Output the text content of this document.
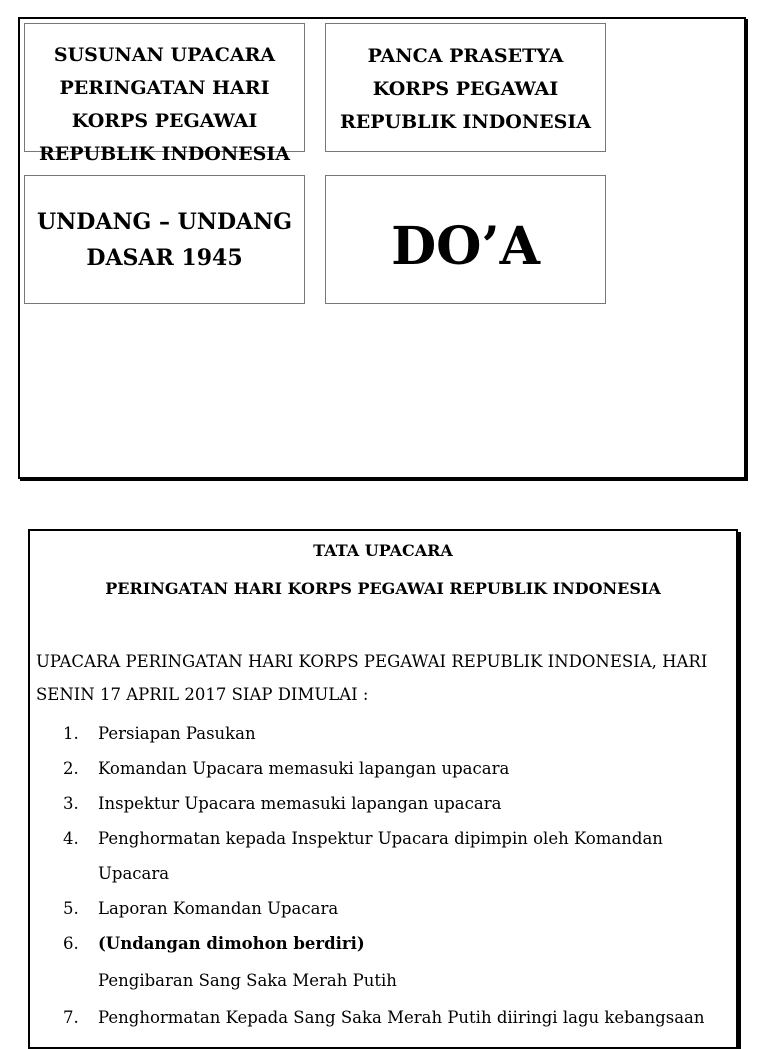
SUSUNAN UPACARA
PERINGATAN HARI
KORPS PEGAWAI
REPUBLIK INDONESIA
PANCA PRASETYA
KORPS PEGAWAI
REPUBLIK INDONESIA
UNDANG – UNDANG
DASAR 1945	DO’A
TATA UPACARA
PERINGATAN HARI KORPS PEGAWAI REPUBLIK INDONESIA
UPACARA PERINGATAN HARI KORPS PEGAWAI REPUBLIK INDONESIA, HARI SENIN 17 APRIL 2017 SIAP DIMULAI :
1. Persiapan Pasukan
2. Komandan Upacara memasuki lapangan upacara
3. Inspektur Upacara memasuki lapangan upacara
4. Penghormatan kepada Inspektur Upacara dipimpin oleh Komandan Upacara
5. Laporan Komandan Upacara
6. (Undangan dimohon berdiri)
Pengibaran Sang Saka Merah Putih
7. Penghormatan Kepada Sang Saka Merah Putih diiringi lagu kebangsaan
